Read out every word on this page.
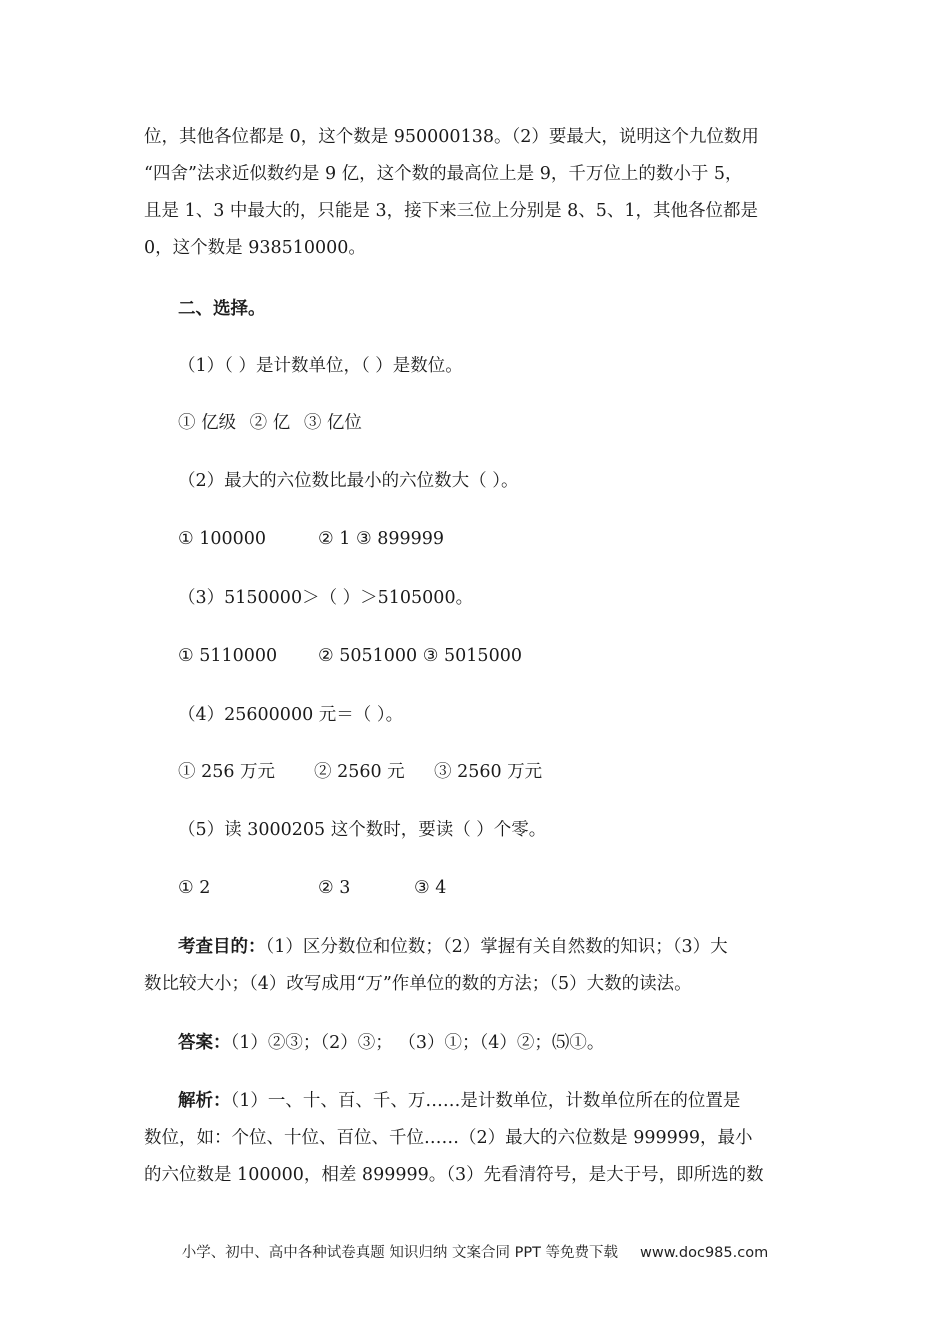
位，其他各位都是 0，这个数是 950000138。（2）要最大，说明这个九位数用
“四舍”法求近似数约是 9 亿，这个数的最高位上是 9，千万位上的数小于 5，
且是 1、3 中最大的，只能是 3，接下来三位上分别是 8、5、1，其他各位都是
0，这个数是 938510000。
二、选择。
（1）（ ）是计数单位，（ ）是数位。
① 亿级 ② 亿 ③ 亿位
（2）最大的六位数比最小的六位数大（ ）。
① 100000	② 1 ③ 899999
（3）5150000＞（ ）＞5105000。
① 5110000 ② 5051000 ③ 5015000
（4）25600000 元＝（ ）。
① 256 万元 ② 2560 元 ③ 2560 万元
（5）读 3000205 这个数时，要读（ ）个零。
① 2	② 3	③ 4
考查目的：（1）区分数位和位数；（2）掌握有关自然数的知识；（3）大
数比较大小；（4）改写成用“万”作单位的数的方法；（5）大数的读法。
答案：（1）②③；（2）③； （3）①；（4）②；⑸①。
解析：（1）一、十、百、千、万……是计数单位，计数单位所在的位置是
数位，如：个位、十位、百位、千位……（2）最大的六位数是 999999，最小
的六位数是 100000，相差 899999。（3）先看清符号，是大于号，即所选的数
小学、初中、高中各种试卷真题 知识归纳 文案合同 PPT 等免费下载 www.doc985.com
